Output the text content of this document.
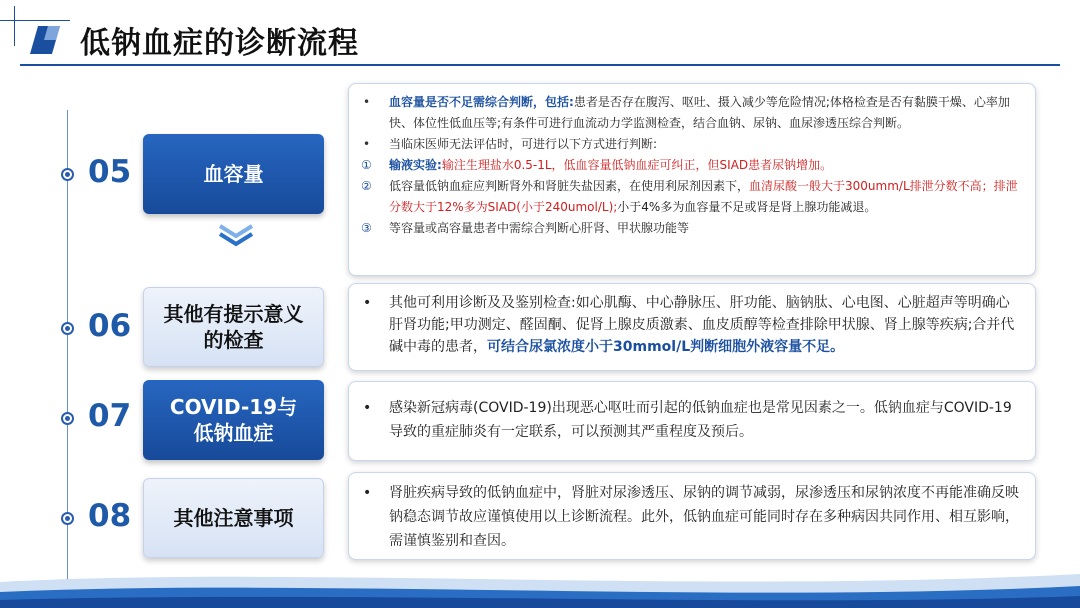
低钠血症的诊断流程
05	血容量
06	其他有提示意义的检查
07	COVID-19与低钠血症
08	其他注意事项
• 血容量是否不足需综合判断，包括:患者是否存在腹泻、呕吐、摄入减少等危险情况;体格检查是否有黏膜干燥、心率加快、体位性低血压等;有条件可进行血流动力学监测检查，结合血钠、尿钠、血尿渗透压综合判断。
• 当临床医师无法评估时，可进行以下方式进行判断:
① 输液实验:输注生理盐水0.5-1L，低血容量低钠血症可纠正，但SIAD患者尿钠增加。
② 低容量低钠血症应判断肾外和肾脏失盐因素，在使用利尿剂因素下，血清尿酸一般大于300umm/L排泄分数不高；排泄分数大于12%多为SIAD(小于240umol/L);小于4%多为血容量不足或肾是肾上腺功能减退。
③ 等容量或高容量患者中需综合判断心肝肾、甲状腺功能等
• 其他可利用诊断及及鉴别检查:如心肌酶、中心静脉压、肝功能、脑钠肽、心电图、心脏超声等明确心肝肾功能;甲功测定、醛固酮、促肾上腺皮质激素、血皮质醇等检查排除甲状腺、肾上腺等疾病;合并代碱中毒的患者，可结合尿氯浓度小于30mmol/L判断细胞外液容量不足。
• 感染新冠病毒(COVID-19)出现恶心呕吐而引起的低钠血症也是常见因素之一。低钠血症与COVID-19导致的重症肺炎有一定联系，可以预测其严重程度及预后。
• 肾脏疾病导致的低钠血症中，肾脏对尿渗透压、尿钠的调节减弱，尿渗透压和尿钠浓度不再能准确反映钠稳态调节故应谨慎使用以上诊断流程。此外，低钠血症可能同时存在多种病因共同作用、相互影响，需谨慎鉴别和查因。
